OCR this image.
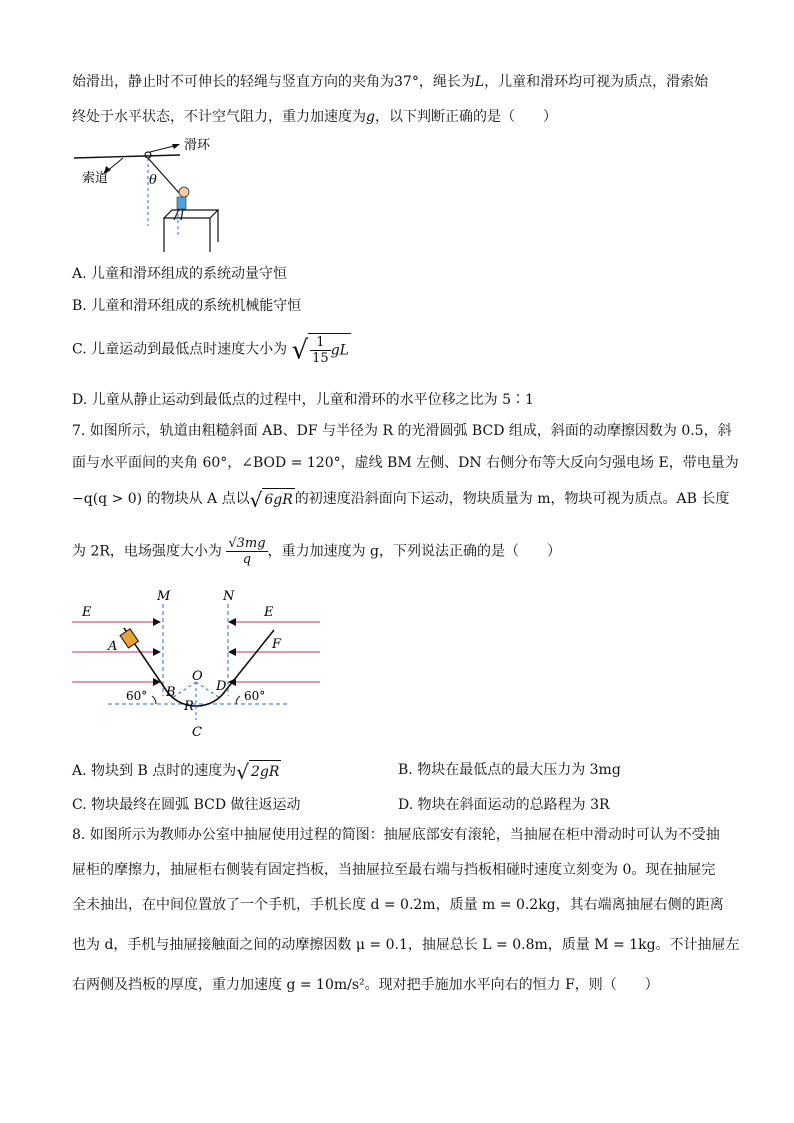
始滑出，静止时不可伸长的轻绳与竖直方向的夹角为37°，绳长为L，儿童和滑环均可视为质点，滑索始
终处于水平状态，不计空气阻力，重力加速度为g，以下判断正确的是（　　）
滑环
索道	θ
A. 儿童和滑环组成的系统动量守恒
B. 儿童和滑环组成的系统机械能守恒
C. 儿童运动到最低点时速度大小为 √ $\frac{1}{15}$ gL
D. 儿童从静止运动到最低点的过程中，儿童和滑环的水平位移之比为 5∶1
7. 如图所示，轨道由粗糙斜面 AB、DF 与半径为 R 的光滑圆弧 BCD 组成，斜面的动摩擦因数为 0.5，斜
面与水平面间的夹角 60°，∠BOD = 120°，虚线 BM 左侧、DN 右侧分布等大反向匀强电场 E，带电量为
−q(q > 0) 的物块从 A 点以√ 6gR 的初速度沿斜面向下运动，物块质量为 m，物块可视为质点。AB 长度
为 2R，电场强度大小为 $\frac{√3mg}{q}$ ，重力加速度为 g，下列说法正确的是（　　）
E	E
M	N
A	F
O
B	D
R
C
60°	60°
A. 物块到 B 点时的速度为√ 2gR	B. 物块在最低点的最大压力为 3mg
C. 物块最终在圆弧 BCD 做往返运动	D. 物块在斜面运动的总路程为 3R
8. 如图所示为教师办公室中抽屉使用过程的简图：抽屉底部安有滚轮，当抽屉在柜中滑动时可认为不受抽
屉柜的摩擦力，抽屉柜右侧装有固定挡板，当抽屉拉至最右端与挡板相碰时速度立刻变为 0。现在抽屉完
全未抽出，在中间位置放了一个手机，手机长度 d = 0.2m，质量 m = 0.2kg，其右端离抽屉右侧的距离
也为 d，手机与抽屉接触面之间的动摩擦因数 μ = 0.1，抽屉总长 L = 0.8m，质量 M = 1kg。不计抽屉左
右两侧及挡板的厚度，重力加速度 g = 10m/s²。现对把手施加水平向右的恒力 F，则（　　）
